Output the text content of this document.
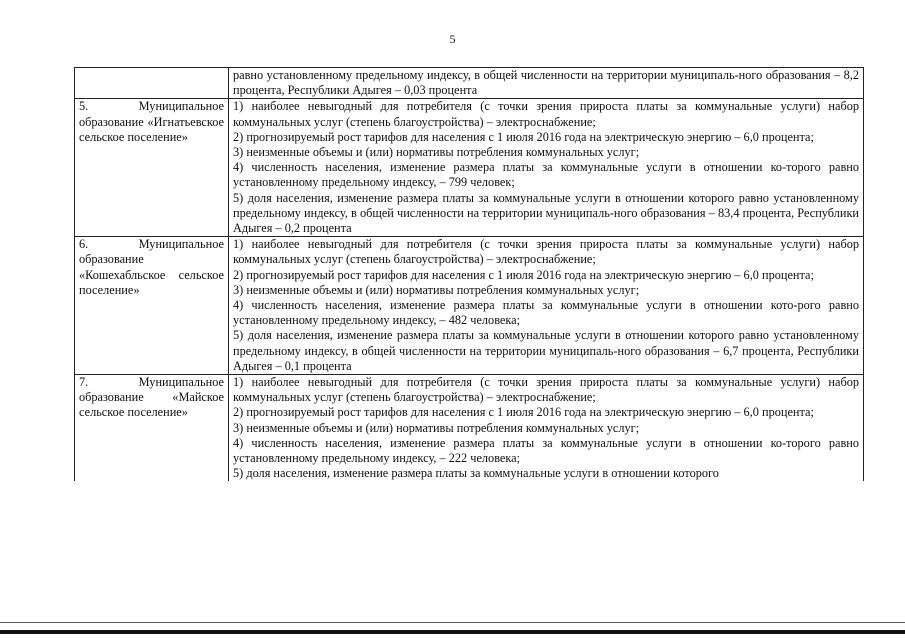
5

	равно установленному предельному индексу, в общей численности на территории муниципаль-ного образования – 8,2 процента, Республики Адыгея – 0,03 процента

5. Муниципальное образование «Игнатьевское сельское поселение»	1) наиболее невыгодный для потребителя (с точки зрения прироста платы за коммунальные услуги) набор коммунальных услуг (степень благоустройства) – электроснабжение;
2) прогнозируемый рост тарифов для населения с 1 июля 2016 года на электрическую энергию – 6,0 процента;
3) неизменные объемы и (или) нормативы потребления коммунальных услуг;
4) численность населения, изменение размера платы за коммунальные услуги в отношении ко-торого равно установленному предельному индексу, – 799 человек;
5) доля населения, изменение размера платы за коммунальные услуги в отношении которого равно установленному предельному индексу, в общей численности на территории муниципаль-ного образования – 83,4 процента, Республики Адыгея – 0,2 процента

6. Муниципальное образование «Кошехабльское сельское поселение»	1) наиболее невыгодный для потребителя (с точки зрения прироста платы за коммунальные услуги) набор коммунальных услуг (степень благоустройства) – электроснабжение;
2) прогнозируемый рост тарифов для населения с 1 июля 2016 года на электрическую энергию – 6,0 процента;
3) неизменные объемы и (или) нормативы потребления коммунальных услуг;
4) численность населения, изменение размера платы за коммунальные услуги в отношении кото-рого равно установленному предельному индексу, – 482 человека;
5) доля населения, изменение размера платы за коммунальные услуги в отношении которого равно установленному предельному индексу, в общей численности на территории муниципаль-ного образования – 6,7 процента, Республики Адыгея – 0,1 процента

7. Муниципальное образование «Майское сельское поселение»	1) наиболее невыгодный для потребителя (с точки зрения прироста платы за коммунальные услуги) набор коммунальных услуг (степень благоустройства) – электроснабжение;
2) прогнозируемый рост тарифов для населения с 1 июля 2016 года на электрическую энергию – 6,0 процента;
3) неизменные объемы и (или) нормативы потребления коммунальных услуг;
4) численность населения, изменение размера платы за коммунальные услуги в отношении ко-торого равно установленному предельному индексу, – 222 человека;
5) доля населения, изменение размера платы за коммунальные услуги в отношении которого
